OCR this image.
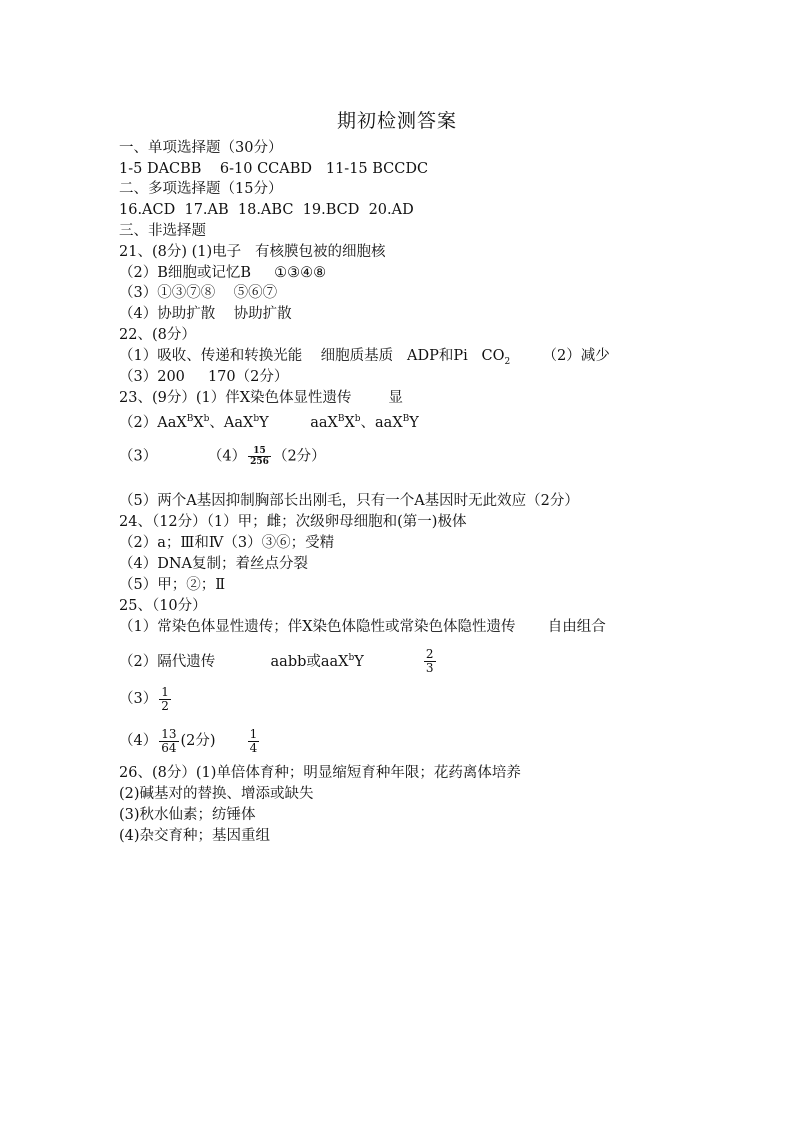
期初检测答案
一、单项选择题（30分）
1-5 DACBB    6-10 CCABD   11-15 BCCDC
二、多项选择题（15分）
16.ACD  17.AB  18.ABC  19.BCD  20.AD
三、非选择题
21、(8分) (1)电子   有核膜包被的细胞核
（2）B细胞或记忆B     ①③④⑧
（3）①③⑦⑧    ⑤⑥⑦
（4）协助扩散    协助扩散
22、(8分）
（1）吸收、传递和转换光能    细胞质基质   ADP和Pi   $CO_2$       （2）减少
（3）200     170（2分）
23、(9分）(1）伴X染色体显性遗传        显
$(2)AaX^BX^b$、AaX$^b$Y	$aaX^BX^b$、aaX$^B$Y
（3）           $(4) \frac{15}{256} (2$分）
（5）两个A基因抑制胸部长出刚毛，只有一个A基因时无此效应（2分）
24、（12分）（1）甲；雌；次级卵母细胞和(第一)极体
（2）a；Ⅲ和Ⅳ（3）③⑥；受精
（4）DNA复制；着丝点分裂
（5）甲；②；Ⅱ
25、（10分）
（1）常染色体显性遗传；伴X染色体隐性或常染色体隐性遗传       自由组合
（2）隔代遗传            aabb或aaX$^b$Y	$\frac{2}{3}$
$(3) \frac{1}{2}$
$(4) \frac{13}{64} (2$分)	$\frac{1}{4}$
26、(8分）(1)单倍体育种；明显缩短育种年限；花药离体培养
(2)碱基对的替换、增添或缺失
(3)秋水仙素；纺锤体
(4)杂交育种；基因重组
